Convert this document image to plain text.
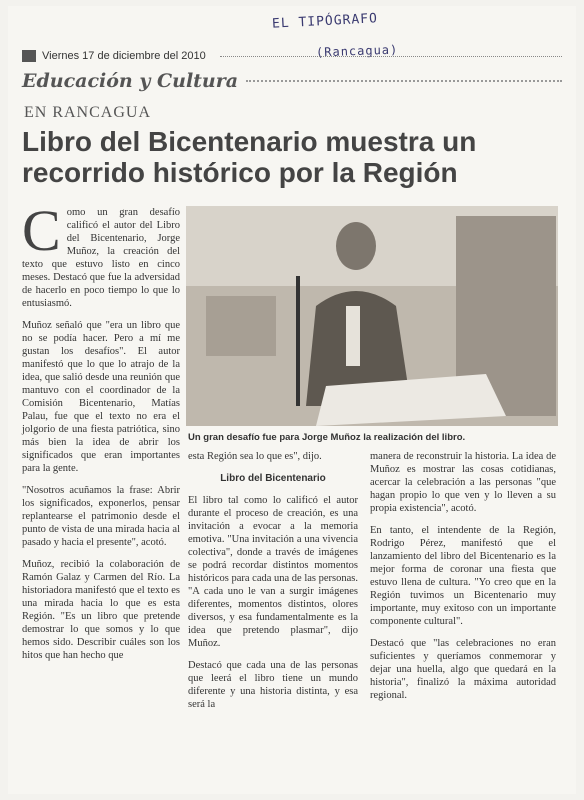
EL TIPÓGRAFO
(Rancagua)
Viernes 17 de diciembre del 2010
Educación y Cultura
EN RANCAGUA
Libro del Bicentenario muestra un recorrido histórico por la Región

Como un gran desafío calificó el autor del Libro del Bicentenario, Jorge Muñoz, la creación del texto que estuvo listo en cinco meses. Destacó que fue la adversidad de hacerlo en poco tiempo lo que lo entusiasmó.

Muñoz señaló que "era un libro que no se podía hacer. Pero a mí me gustan los desafíos". El autor manifestó que lo que lo atrajo de la idea, que salió desde una reunión que mantuvo con el coordinador de la Comisión Bicentenario, Matías Palau, fue que el texto no era el jolgorio de una fiesta patriótica, sino más bien la idea de abrir los significados que eran importantes para la gente.

"Nosotros acuñamos la frase: Abrir los significados, exponerlos, pensar replantearse el patrimonio desde el punto de vista de una mirada hacia al pasado y hacia el presente", acotó.

Muñoz, recibió la colaboración de Ramón Galaz y Carmen del Río. La historiadora manifestó que el texto es una mirada hacia lo que es esta Región. "Es un libro que pretende demostrar lo que somos y lo que hemos sido. Describir cuáles son los hitos que han hecho que

Un gran desafío fue para Jorge Muñoz la realización del libro.

esta Región sea lo que es", dijo.

Libro del Bicentenario

El libro tal como lo calificó el autor durante el proceso de creación, es una invitación a evocar a la memoria emotiva. "Una invitación a una vivencia colectiva", donde a través de imágenes se podrá recordar distintos momentos históricos para cada una de las personas. "A cada uno le van a surgir imágenes diferentes, momentos distintos, olores diversos, y esa fundamentalmente es la idea que pretendo plasmar", dijo Muñoz.

Destacó que cada una de las personas que leerá el libro tiene un mundo diferente y una historia distinta, y esa será la

manera de reconstruir la historia. La idea de Muñoz es mostrar las cosas cotidianas, acercar la celebración a las personas "que hagan propio lo que ven y lo lleven a su propia existencia", acotó.

En tanto, el intendente de la Región, Rodrigo Pérez, manifestó que el lanzamiento del libro del Bicentenario es la mejor forma de coronar una fiesta que estuvo llena de cultura. "Yo creo que en la Región tuvimos un Bicentenario muy importante, muy exitoso con un importante componente cultural".

Destacó que "las celebraciones no eran suficientes y queríamos conmemorar y dejar una huella, algo que quedará en la historia", finalizó la máxima autoridad regional.
